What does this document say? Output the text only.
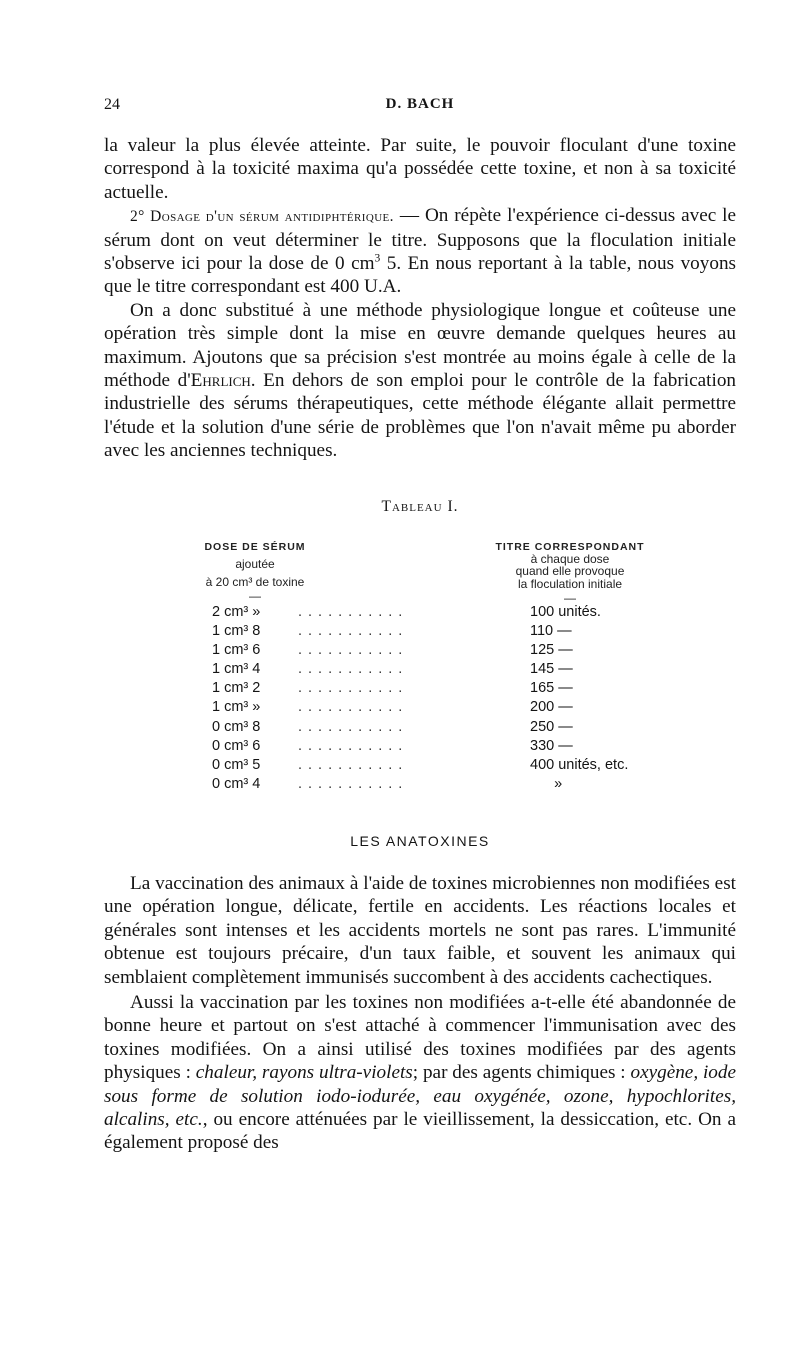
24	D. BACH

la valeur la plus élevée atteinte. Par suite, le pouvoir floculant d'une toxine correspond à la toxicité maxima qu'a possédée cette toxine, et non à sa toxicité actuelle.

2° Dosage d'un sérum antidiphtérique. — On répète l'expérience ci-dessus avec le sérum dont on veut déterminer le titre. Supposons que la floculation initiale s'observe ici pour la dose de 0 $cm^3$ 5. En nous reportant à la table, nous voyons que le titre correspondant est 400 U.A.

On a donc substitué à une méthode physiologique longue et coûteuse une opération très simple dont la mise en œuvre demande quelques heures au maximum. Ajoutons que sa précision s'est montrée au moins égale à celle de la méthode d'Ehrlich. En dehors de son emploi pour le contrôle de la fabrication industrielle des sérums thérapeutiques, cette méthode élégante allait permettre l'étude et la solution d'une série de problèmes que l'on n'avait même pu aborder avec les anciennes techniques.

Tableau I.
DOSE DE SÉRUM
ajoutée
à 20 cm³ de toxine
—
TITRE CORRESPONDANT
à chaque dose
quand elle provoque
la floculation initiale
—
2 cm³ »	...........	100 unités.
1 cm³ 8	...........	110 —
1 cm³ 6	...........	125 —
1 cm³ 4	...........	145 —
1 cm³ 2	...........	165 —
1 cm³ »	...........	200 —
0 cm³ 8	...........	250 —
0 cm³ 6	...........	330 —
0 cm³ 5	...........	400 unités, etc.
0 cm³ 4	...........	»
LES ANATOXINES

La vaccination des animaux à l'aide de toxines microbiennes non modifiées est une opération longue, délicate, fertile en accidents. Les réactions locales et générales sont intenses et les accidents mortels ne sont pas rares. L'immunité obtenue est toujours précaire, d'un taux faible, et souvent les animaux qui semblaient complètement immunisés succombent à des accidents cachectiques.

Aussi la vaccination par les toxines non modifiées a-t-elle été abandonnée de bonne heure et partout on s'est attaché à commencer l'immunisation avec des toxines modifiées. On a ainsi utilisé des toxines modifiées par des agents physiques : chaleur, rayons ultra-violets; par des agents chimiques : oxygène, iode sous forme de solution iodo-iodurée, eau oxygénée, ozone, hypochlorites, alcalins, etc., ou encore atténuées par le vieillissement, la dessiccation, etc. On a également proposé des
